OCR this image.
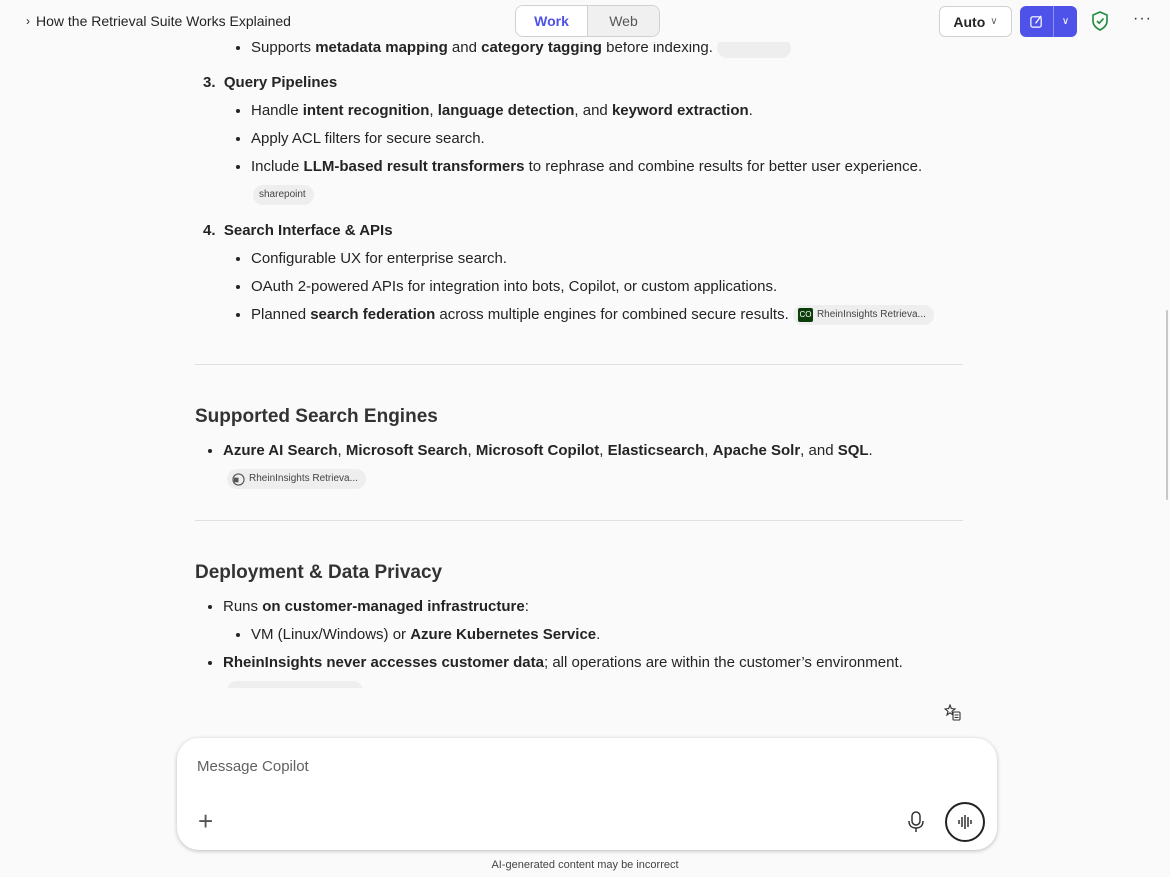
› How the Retrieval Suite Works Explained	Work	Web	Auto ∨	∨	···
• Supports metadata mapping and category tagging before indexing.
3. Query Pipelines
• Handle intent recognition, language detection, and keyword extraction.
• Apply ACL filters for secure search.
• Include LLM-based result transformers to rephrase and combine results for better user experience.
sharepoint
4. Search Interface & APIs
• Configurable UX for enterprise search.
• OAuth 2-powered APIs for integration into bots, Copilot, or custom applications.
• Planned search federation across multiple engines for combined secure results. CO RheinInsights Retrieva...
Supported Search Engines
• Azure AI Search, Microsoft Search, Microsoft Copilot, Elasticsearch, Apache Solr, and SQL.
RheinInsights Retrieva...
Deployment & Data Privacy
• Runs on customer-managed infrastructure:
• VM (Linux/Windows) or Azure Kubernetes Service.
• RheinInsights never accesses customer data; all operations are within the customer’s environment.
Message Copilot
+
AI-generated content may be incorrect
